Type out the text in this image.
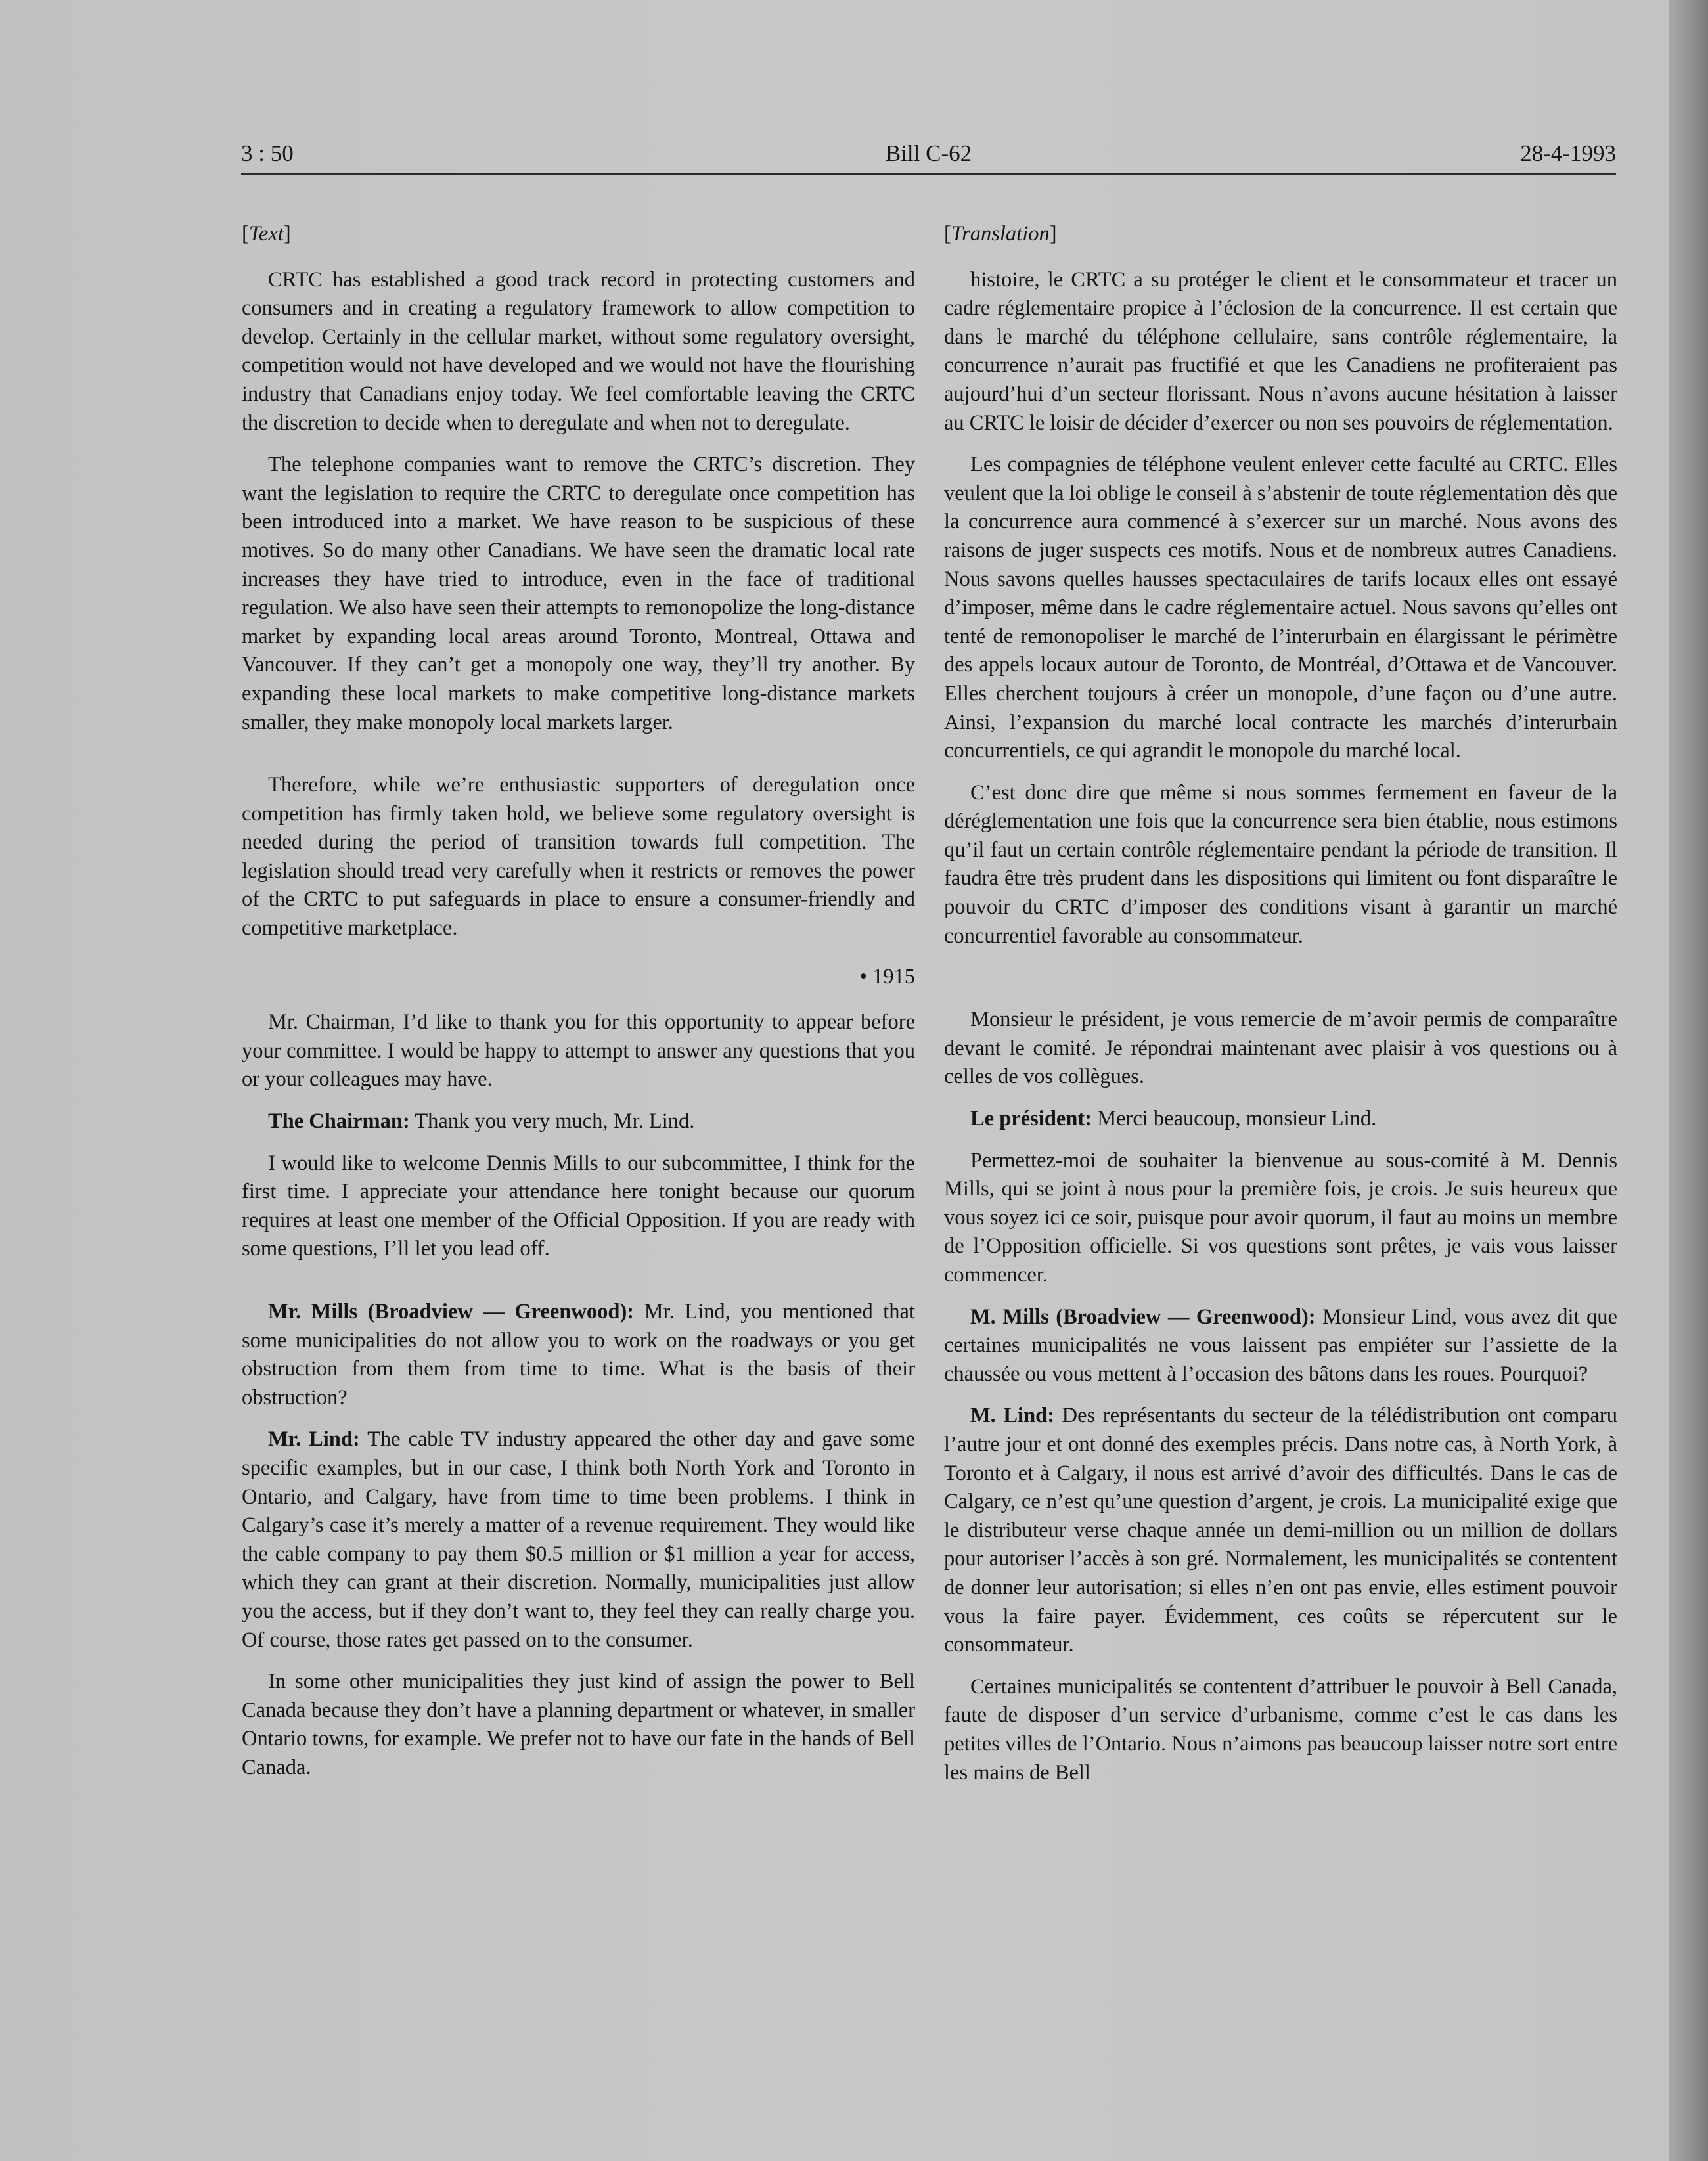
3 : 50	Bill C-62	28-4-1993

[Text]

CRTC has established a good track record in protecting customers and consumers and in creating a regulatory framework to allow competition to develop. Certainly in the cellular market, without some regulatory oversight, competition would not have developed and we would not have the flourishing industry that Canadians enjoy today. We feel comfortable leaving the CRTC the discretion to decide when to deregulate and when not to deregulate.

The telephone companies want to remove the CRTC’s discretion. They want the legislation to require the CRTC to deregulate once competition has been introduced into a market. We have reason to be suspicious of these motives. So do many other Canadians. We have seen the dramatic local rate increases they have tried to introduce, even in the face of traditional regulation. We also have seen their attempts to remonopolize the long-distance market by expanding local areas around Toronto, Montreal, Ottawa and Vancouver. If they can’t get a monopoly one way, they’ll try another. By expanding these local markets to make competitive long-distance markets smaller, they make monopoly local markets larger.

Therefore, while we’re enthusiastic supporters of deregulation once competition has firmly taken hold, we believe some regulatory oversight is needed during the period of transition towards full competition. The legislation should tread very carefully when it restricts or removes the power of the CRTC to put safeguards in place to ensure a consumer-friendly and competitive marketplace.

• 1915

Mr. Chairman, I’d like to thank you for this opportunity to appear before your committee. I would be happy to attempt to answer any questions that you or your colleagues may have.

The Chairman: Thank you very much, Mr. Lind.

I would like to welcome Dennis Mills to our subcommittee, I think for the first time. I appreciate your attendance here tonight because our quorum requires at least one member of the Official Opposition. If you are ready with some questions, I’ll let you lead off.

Mr. Mills (Broadview — Greenwood): Mr. Lind, you mentioned that some municipalities do not allow you to work on the roadways or you get obstruction from them from time to time. What is the basis of their obstruction?

Mr. Lind: The cable TV industry appeared the other day and gave some specific examples, but in our case, I think both North York and Toronto in Ontario, and Calgary, have from time to time been problems. I think in Calgary’s case it’s merely a matter of a revenue requirement. They would like the cable company to pay them $0.5 million or $1 million a year for access, which they can grant at their discretion. Normally, municipalities just allow you the access, but if they don’t want to, they feel they can really charge you. Of course, those rates get passed on to the consumer.

In some other municipalities they just kind of assign the power to Bell Canada because they don’t have a planning department or whatever, in smaller Ontario towns, for example. We prefer not to have our fate in the hands of Bell Canada.

[Translation]

histoire, le CRTC a su protéger le client et le consommateur et tracer un cadre réglementaire propice à l’éclosion de la concurrence. Il est certain que dans le marché du téléphone cellulaire, sans contrôle réglementaire, la concurrence n’aurait pas fructifié et que les Canadiens ne profiteraient pas aujourd’hui d’un secteur florissant. Nous n’avons aucune hésitation à laisser au CRTC le loisir de décider d’exercer ou non ses pouvoirs de réglementation.

Les compagnies de téléphone veulent enlever cette faculté au CRTC. Elles veulent que la loi oblige le conseil à s’abstenir de toute réglementation dès que la concurrence aura commencé à s’exercer sur un marché. Nous avons des raisons de juger suspects ces motifs. Nous et de nombreux autres Canadiens. Nous savons quelles hausses spectaculaires de tarifs locaux elles ont essayé d’imposer, même dans le cadre réglementaire actuel. Nous savons qu’elles ont tenté de remonopoliser le marché de l’interurbain en élargissant le périmètre des appels locaux autour de Toronto, de Montréal, d’Ottawa et de Vancouver. Elles cherchent toujours à créer un monopole, d’une façon ou d’une autre. Ainsi, l’expansion du marché local contracte les marchés d’interurbain concurrentiels, ce qui agrandit le monopole du marché local.

C’est donc dire que même si nous sommes fermement en faveur de la déréglementation une fois que la concurrence sera bien établie, nous estimons qu’il faut un certain contrôle réglementaire pendant la période de transition. Il faudra être très prudent dans les dispositions qui limitent ou font disparaître le pouvoir du CRTC d’imposer des conditions visant à garantir un marché concurrentiel favorable au consommateur.

Monsieur le président, je vous remercie de m’avoir permis de comparaître devant le comité. Je répondrai maintenant avec plaisir à vos questions ou à celles de vos collègues.

Le président: Merci beaucoup, monsieur Lind.

Permettez-moi de souhaiter la bienvenue au sous-comité à M. Dennis Mills, qui se joint à nous pour la première fois, je crois. Je suis heureux que vous soyez ici ce soir, puisque pour avoir quorum, il faut au moins un membre de l’Opposition officielle. Si vos questions sont prêtes, je vais vous laisser commencer.

M. Mills (Broadview — Greenwood): Monsieur Lind, vous avez dit que certaines municipalités ne vous laissent pas empiéter sur l’assiette de la chaussée ou vous mettent à l’occasion des bâtons dans les roues. Pourquoi?

M. Lind: Des représentants du secteur de la télédistribution ont comparu l’autre jour et ont donné des exemples précis. Dans notre cas, à North York, à Toronto et à Calgary, il nous est arrivé d’avoir des difficultés. Dans le cas de Calgary, ce n’est qu’une question d’argent, je crois. La municipalité exige que le distributeur verse chaque année un demi-million ou un million de dollars pour autoriser l’accès à son gré. Normalement, les municipalités se contentent de donner leur autorisation; si elles n’en ont pas envie, elles estiment pouvoir vous la faire payer. Évidemment, ces coûts se répercutent sur le consommateur.

Certaines municipalités se contentent d’attribuer le pouvoir à Bell Canada, faute de disposer d’un service d’urbanisme, comme c’est le cas dans les petites villes de l’Ontario. Nous n’aimons pas beaucoup laisser notre sort entre les mains de Bell
